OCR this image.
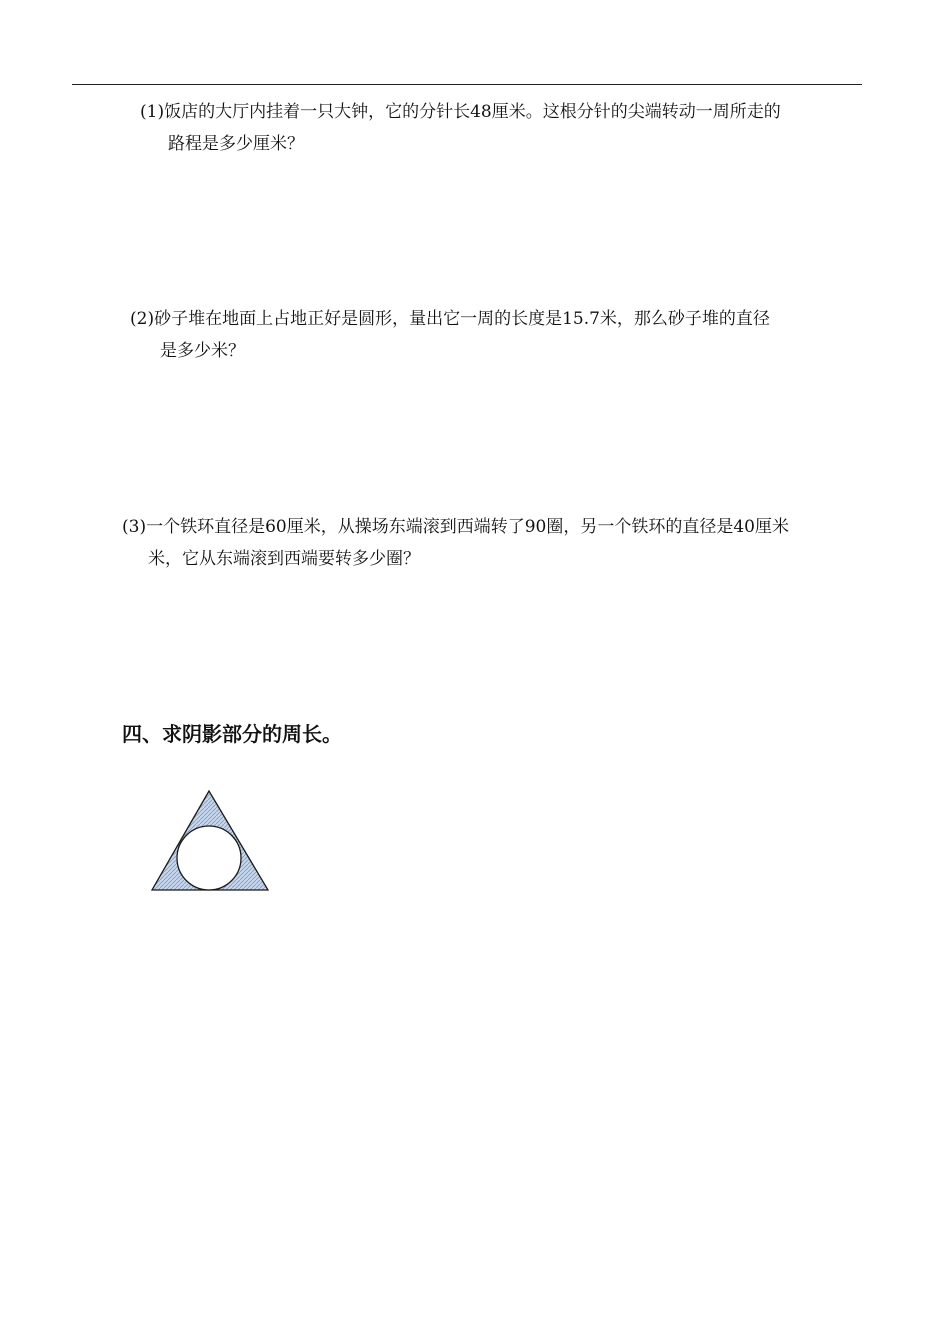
(1)饭店的大厅内挂着一只大钟，它的分针长48厘米。这根分针的尖端转动一周所走的
路程是多少厘米？
(2)砂子堆在地面上占地正好是圆形，量出它一周的长度是15.7米，那么砂子堆的直径
是多少米？
(3)一个铁环直径是60厘米，从操场东端滚到西端转了90圈，另一个铁环的直径是40厘米
米，它从东端滚到西端要转多少圈？
四、求阴影部分的周长。
